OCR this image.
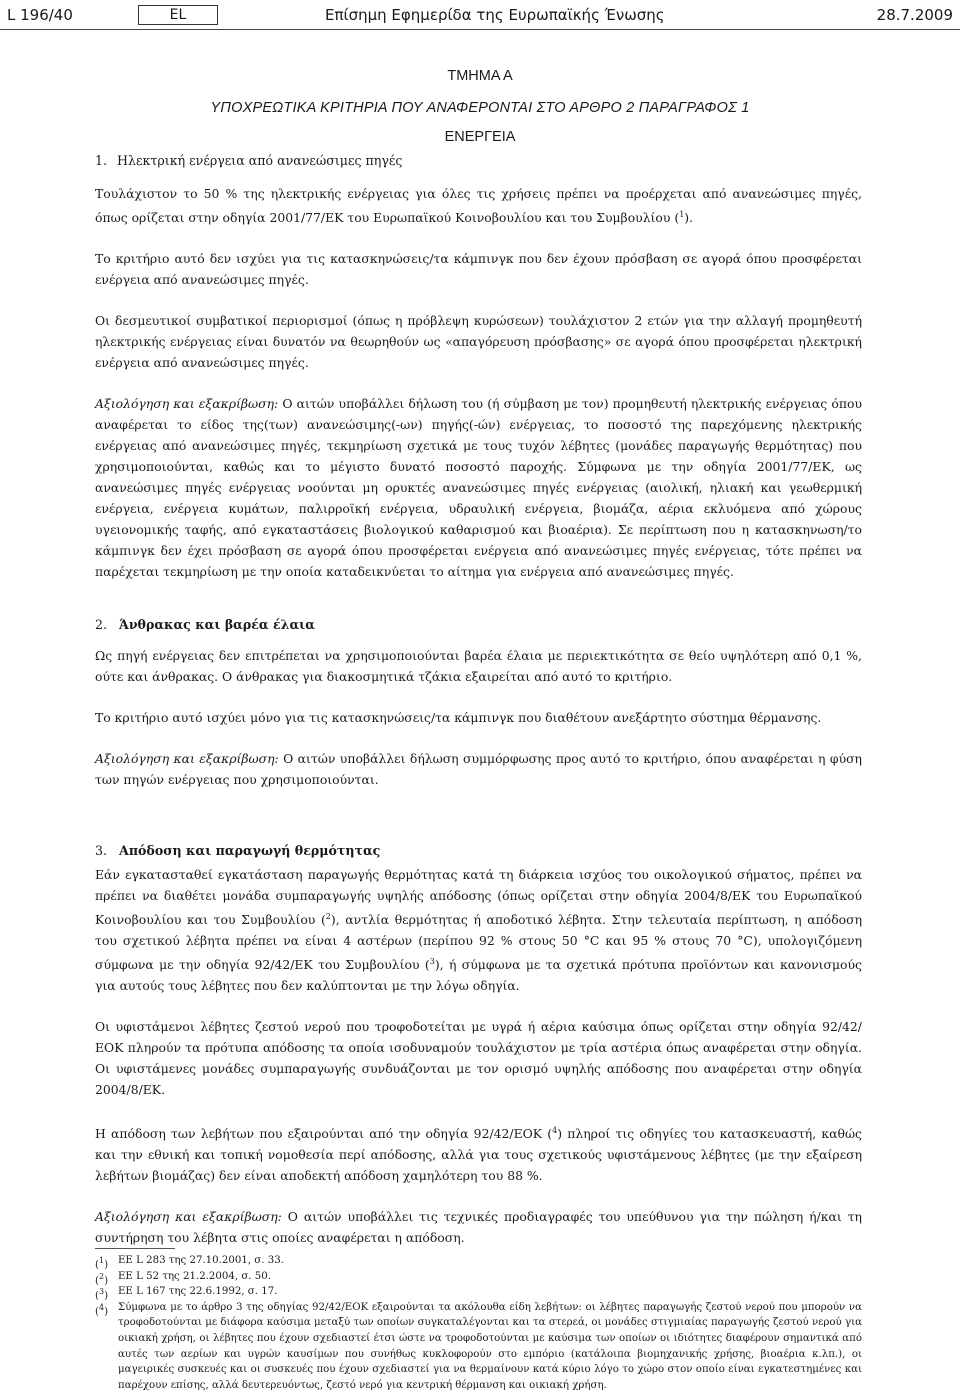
L 196/40	EL	Επίσημη Εφημερίδα της Ευρωπαϊκής Ένωσης	28.7.2009
ΤΜΗΜΑ Α
ΥΠΟΧΡΕΩΤΙΚΑ ΚΡΙΤΗΡΙΑ ΠΟΥ ΑΝΑΦΕΡΟΝΤΑΙ ΣΤΟ ΑΡΘΡΟ 2 ΠΑΡΑΓΡΑΦΟΣ 1
ΕΝΕΡΓΕΙΑ
1. Ηλεκτρική ενέργεια από ανανεώσιμες πηγές

Τουλάχιστον το 50 % της ηλεκτρικής ενέργειας για όλες τις χρήσεις πρέπει να προέρχεται από ανανεώσιμες πηγές, όπως ορίζεται στην οδηγία 2001/77/ΕΚ του Ευρωπαϊκού Κοινοβουλίου και του Συμβουλίου ($^1$).

Το κριτήριο αυτό δεν ισχύει για τις κατασκηνώσεις/τα κάμπινγκ που δεν έχουν πρόσβαση σε αγορά όπου προσφέρεται ενέργεια από ανανεώσιμες πηγές.

Οι δεσμευτικοί συμβατικοί περιορισμοί (όπως η πρόβλεψη κυρώσεων) τουλάχιστον 2 ετών για την αλλαγή προμηθευτή ηλεκτρικής ενέργειας είναι δυνατόν να θεωρηθούν ως «απαγόρευση πρόσβασης» σε αγορά όπου προσφέρεται ηλεκτρική ενέργεια από ανανεώσιμες πηγές.

Αξιολόγηση και εξακρίβωση: Ο αιτών υποβάλλει δήλωση του (ή σύμβαση με τον) προμηθευτή ηλεκτρικής ενέργειας όπου αναφέρεται το είδος της(των) ανανεώσιμης(-ων) πηγής(-ών) ενέργειας, το ποσοστό της παρεχόμενης ηλεκτρικής ενέργειας από ανανεώσιμες πηγές, τεκμηρίωση σχετικά με τους τυχόν λέβητες (μονάδες παραγωγής θερμότητας) που χρησιμοποιούνται, καθώς και το μέγιστο δυνατό ποσοστό παροχής. Σύμφωνα με την οδηγία 2001/77/ΕΚ, ως ανανεώσιμες πηγές ενέργειας νοούνται μη ορυκτές ανανεώσιμες πηγές ενέργειας (αιολική, ηλιακή και γεωθερμική ενέργεια, ενέργεια κυμάτων, παλιρροϊκή ενέργεια, υδραυλική ενέργεια, βιομάζα, αέρια εκλυόμενα από χώρους υγειονομικής ταφής, από εγκαταστάσεις βιολογικού καθαρισμού και βιοαέρια). Σε περίπτωση που η κατασκηνωση/το κάμπινγκ δεν έχει πρόσβαση σε αγορά όπου προσφέρεται ενέργεια από ανανεώσιμες πηγές ενέργειας, τότε πρέπει να παρέχεται τεκμηρίωση με την οποία καταδεικνύεται το αίτημα για ενέργεια από ανανεώσιμες πηγές.

2. Άνθρακας και βαρέα έλαια

Ως πηγή ενέργειας δεν επιτρέπεται να χρησιμοποιούνται βαρέα έλαια με περιεκτικότητα σε θείο υψηλότερη από 0,1 %, ούτε και άνθρακας. Ο άνθρακας για διακοσμητικά τζάκια εξαιρείται από αυτό το κριτήριο.

Το κριτήριο αυτό ισχύει μόνο για τις κατασκηνώσεις/τα κάμπινγκ που διαθέτουν ανεξάρτητο σύστημα θέρμανσης.

Αξιολόγηση και εξακρίβωση: Ο αιτών υποβάλλει δήλωση συμμόρφωσης προς αυτό το κριτήριο, όπου αναφέρεται η φύση των πηγών ενέργειας που χρησιμοποιούνται.

3. Απόδοση και παραγωγή θερμότητας

Εάν εγκατασταθεί εγκατάσταση παραγωγής θερμότητας κατά τη διάρκεια ισχύος του οικολογικού σήματος, πρέπει να πρέπει να διαθέτει μονάδα συμπαραγωγής υψηλής απόδοσης (όπως ορίζεται στην οδηγία 2004/8/ΕΚ του Ευρωπαϊκού Κοινοβουλίου και του Συμβουλίου ($^2$), αντλία θερμότητας ή αποδοτικό λέβητα. Στην τελευταία περίπτωση, η απόδοση του σχετικού λέβητα πρέπει να είναι 4 αστέρων (περίπου 92 % στους 50 °C και 95 % στους 70 °C), υπολογιζόμενη σύμφωνα με την οδηγία 92/42/ΕΚ του Συμβουλίου ($^3$), ή σύμφωνα με τα σχετικά πρότυπα προϊόντων και κανονισμούς για αυτούς τους λέβητες που δεν καλύπτονται με την λόγω οδηγία.

Οι υφιστάμενοι λέβητες ζεστού νερού που τροφοδοτείται με υγρά ή αέρια καύσιμα όπως ορίζεται στην οδηγία 92/42/ΕΟΚ πληρούν τα πρότυπα απόδοσης τα οποία ισοδυναμούν τουλάχιστον με τρία αστέρια όπως αναφέρεται στην οδηγία. Οι υφιστάμενες μονάδες συμπαραγωγής συνδυάζονται με τον ορισμό υψηλής απόδοσης που αναφέρεται στην οδηγία 2004/8/ΕΚ.

Η απόδοση των λεβήτων που εξαιρούνται από την οδηγία 92/42/ΕΟΚ ($^4$) πληροί τις οδηγίες του κατασκευαστή, καθώς και την εθνική και τοπική νομοθεσία περί απόδοσης, αλλά για τους σχετικούς υφιστάμενους λέβητες (με την εξαίρεση λεβήτων βιομάζας) δεν είναι αποδεκτή απόδοση χαμηλότερη του 88 %.

Αξιολόγηση και εξακρίβωση: Ο αιτών υποβάλλει τις τεχνικές προδιαγραφές του υπεύθυνου για την πώληση ή/και τη συντήρηση του λέβητα στις οποίες αναφέρεται η απόδοση.

($^1$) ΕΕ L 283 της 27.10.2001, σ. 33.
($^2$) ΕΕ L 52 της 21.2.2004, σ. 50.
($^3$) ΕΕ L 167 της 22.6.1992, σ. 17.
($^4$) Σύμφωνα με το άρθρο 3 της οδηγίας 92/42/ΕΟΚ εξαιρούνται τα ακόλουθα είδη λεβήτων: οι λέβητες παραγωγής ζεστού νερού που μπορούν να τροφοδοτούνται με διάφορα καύσιμα μεταξύ των οποίων συγκαταλέγονται και τα στερεά, οι μονάδες στιγμιαίας παραγωγής ζεστού νερού για οικιακή χρήση, οι λέβητες που έχουν σχεδιαστεί έτσι ώστε να τροφοδοτούνται με καύσιμα των οποίων οι ιδιότητες διαφέρουν σημαντικά από αυτές των αερίων και υγρών καυσίμων που συνήθως κυκλοφορούν στο εμπόριο (κατάλοιπα βιομηχανικής χρήσης, βιοαέρια κ.λπ.), οι μαγειρικές συσκευές και οι συσκευές που έχουν σχεδιαστεί για να θερμαίνουν κατά κύριο λόγο το χώρο στον οποίο είναι εγκατεστημένες και παρέχουν επίσης, αλλά δευτερευόντως, ζεστό νερό για κεντρική θέρμανση και οικιακή χρήση.
